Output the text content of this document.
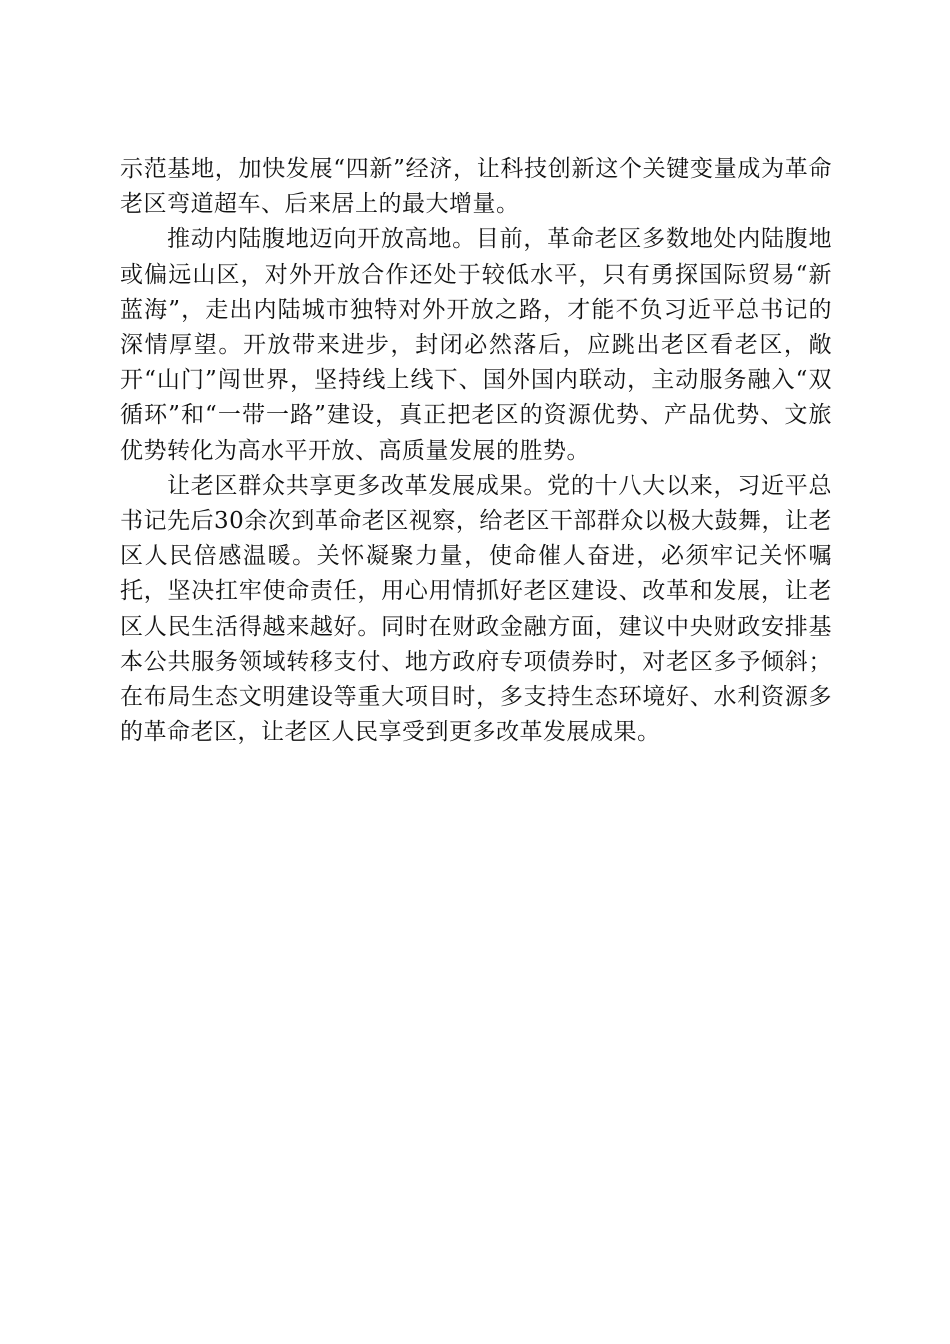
示范基地，加快发展“四新”经济，让科技创新这个关键变量成为革命老区弯道超车、后来居上的最大增量。

推动内陆腹地迈向开放高地。目前，革命老区多数地处内陆腹地或偏远山区，对外开放合作还处于较低水平，只有勇探国际贸易“新蓝海”，走出内陆城市独特对外开放之路，才能不负习近平总书记的深情厚望。开放带来进步，封闭必然落后，应跳出老区看老区，敞开“山门”闯世界，坚持线上线下、国外国内联动，主动服务融入“双循环”和“一带一路”建设，真正把老区的资源优势、产品优势、文旅优势转化为高水平开放、高质量发展的胜势。

让老区群众共享更多改革发展成果。党的十八大以来，习近平总书记先后30余次到革命老区视察，给老区干部群众以极大鼓舞，让老区人民倍感温暖。关怀凝聚力量，使命催人奋进，必须牢记关怀嘱托，坚决扛牢使命责任，用心用情抓好老区建设、改革和发展，让老区人民生活得越来越好。同时在财政金融方面，建议中央财政安排基本公共服务领域转移支付、地方政府专项债券时，对老区多予倾斜；在布局生态文明建设等重大项目时，多支持生态环境好、水利资源多的革命老区，让老区人民享受到更多改革发展成果。
